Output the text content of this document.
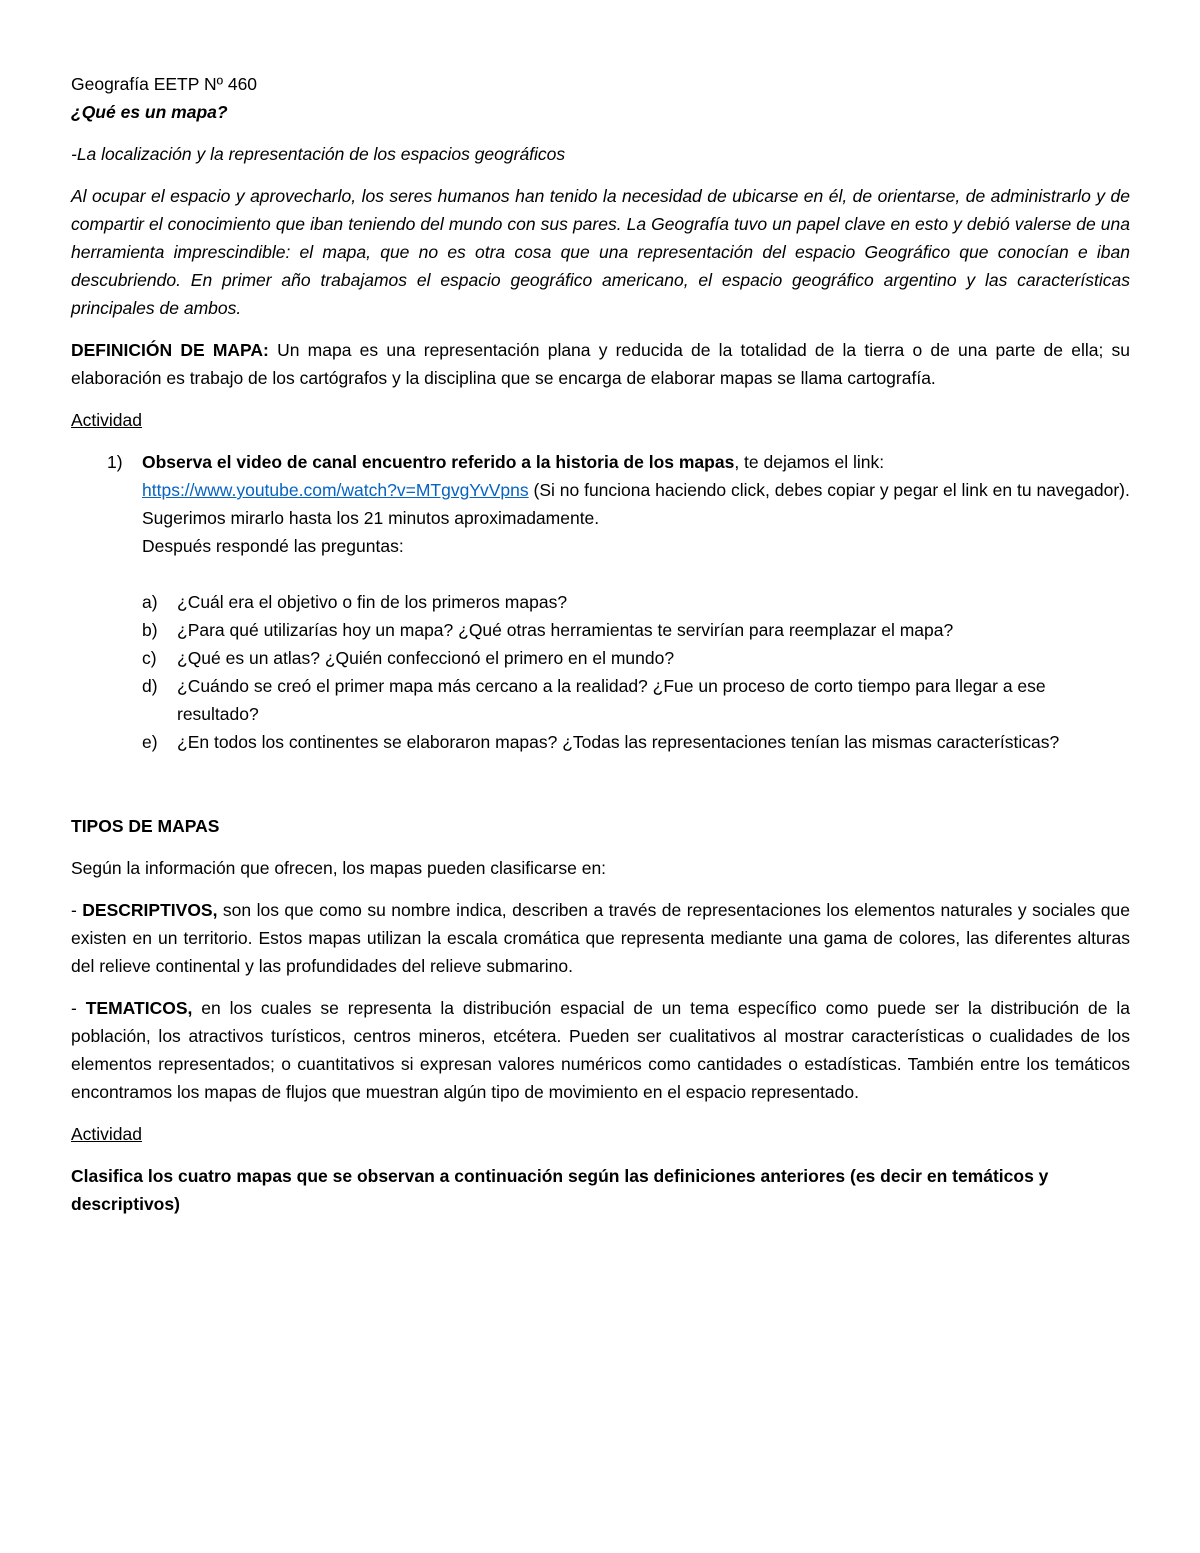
Geografía EETP Nº 460

¿Qué es un mapa?

-La localización y la representación de los espacios geográficos

Al ocupar el espacio y aprovecharlo, los seres humanos han tenido la necesidad de ubicarse en él, de orientarse, de administrarlo y de compartir el conocimiento que iban teniendo del mundo con sus pares. La Geografía tuvo un papel clave en esto y debió valerse de una herramienta imprescindible: el mapa, que no es otra cosa que una representación del espacio Geográfico que conocían e iban descubriendo. En primer año trabajamos el espacio geográfico americano, el espacio geográfico argentino y las características principales de ambos.

DEFINICIÓN DE MAPA: Un mapa es una representación plana y reducida de la totalidad de la tierra o de una parte de ella; su elaboración es trabajo de los cartógrafos y la disciplina que se encarga de elaborar mapas se llama cartografía.

Actividad

1)	Observa el video de canal encuentro referido a la historia de los mapas, te dejamos el link: https://www.youtube.com/watch?v=MTgvgYvVpns (Si no funciona haciendo click, debes copiar y pegar el link en tu navegador). Sugerimos mirarlo hasta los 21 minutos aproximadamente.

Después respondé las preguntas:

a)	¿Cuál era el objetivo o fin de los primeros mapas?
b)	¿Para qué utilizarías hoy un mapa? ¿Qué otras herramientas te servirían para reemplazar el mapa?
c)	¿Qué es un atlas? ¿Quién confeccionó el primero en el mundo?
d)	¿Cuándo se creó el primer mapa más cercano a la realidad? ¿Fue un proceso de corto tiempo para llegar a ese resultado?
e)	¿En todos los continentes se elaboraron mapas? ¿Todas las representaciones tenían las mismas características?

TIPOS DE MAPAS

Según la información que ofrecen, los mapas pueden clasificarse en:

- DESCRIPTIVOS, son los que como su nombre indica, describen a través de representaciones los elementos naturales y sociales que existen en un territorio. Estos mapas utilizan la escala cromática que representa mediante una gama de colores, las diferentes alturas del relieve continental y las profundidades del relieve submarino.

- TEMATICOS, en los cuales se representa la distribución espacial de un tema específico como puede ser la distribución de la población, los atractivos turísticos, centros mineros, etcétera. Pueden ser cualitativos al mostrar características o cualidades de los elementos representados; o cuantitativos si expresan valores numéricos como cantidades o estadísticas. También entre los temáticos encontramos los mapas de flujos que muestran algún tipo de movimiento en el espacio representado.

Actividad

Clasifica los cuatro mapas que se observan a continuación según las definiciones anteriores (es decir en temáticos y descriptivos)
